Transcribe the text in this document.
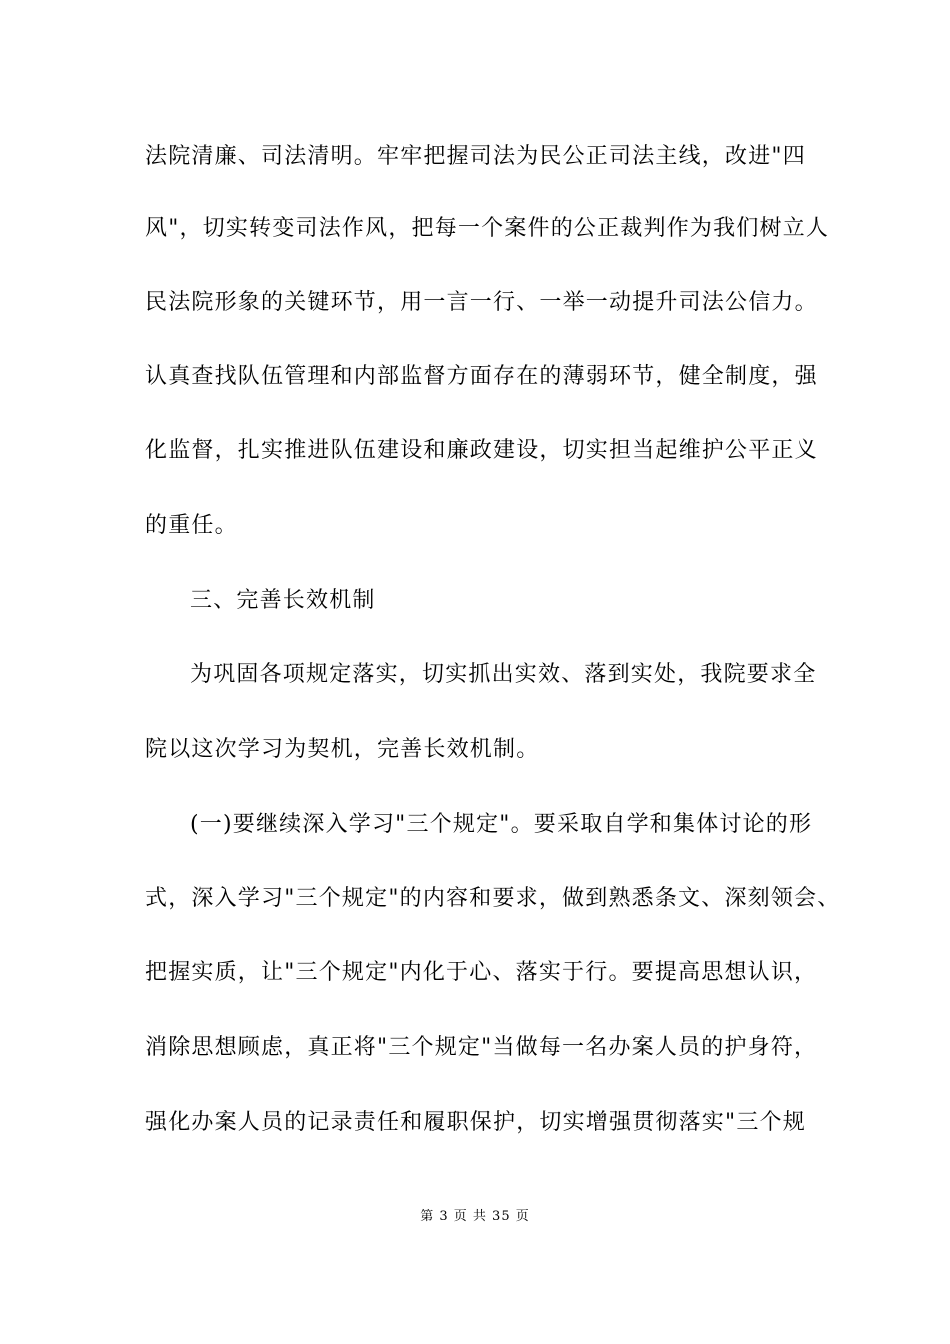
法院清廉、司法清明。牢牢把握司法为民公正司法主线，改进"四
风"，切实转变司法作风，把每一个案件的公正裁判作为我们树立人
民法院形象的关键环节，用一言一行、一举一动提升司法公信力。
认真查找队伍管理和内部监督方面存在的薄弱环节，健全制度，强
化监督，扎实推进队伍建设和廉政建设，切实担当起维护公平正义
的重任。
三、完善长效机制
为巩固各项规定落实，切实抓出实效、落到实处，我院要求全
院以这次学习为契机，完善长效机制。
(一)要继续深入学习"三个规定"。要采取自学和集体讨论的形
式，深入学习"三个规定"的内容和要求，做到熟悉条文、深刻领会、
把握实质，让"三个规定"内化于心、落实于行。要提高思想认识，
消除思想顾虑，真正将"三个规定"当做每一名办案人员的护身符，
强化办案人员的记录责任和履职保护，切实增强贯彻落实"三个规
第 3 页 共 35 页
